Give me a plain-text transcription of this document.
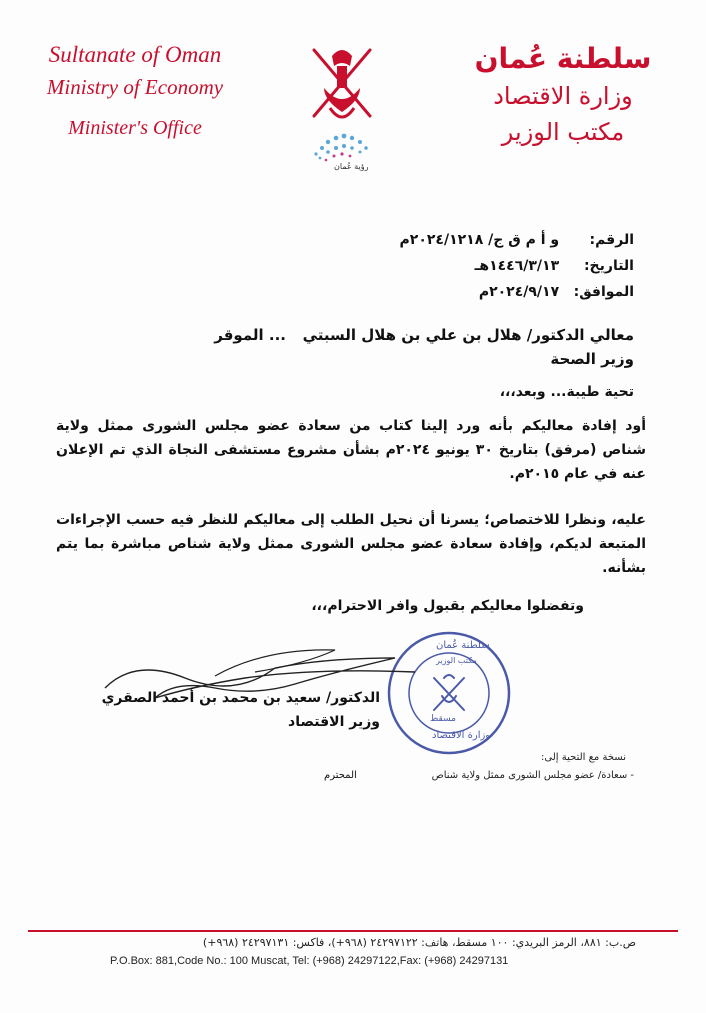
Sultanate of Oman
Ministry of Economy
Minister's Office
رؤية عُمان
سلطنة عُمان
وزارة الاقتصاد
مكتب الوزير
الرقم: و أ م ق ج/ ٢٠٢٤/١٢١٨م
التاريخ: ١٤٤٦/٣/١٣هـ
الموافق: ٢٠٢٤/٩/١٧م
معالي الدكتور/ هلال بن علي بن هلال السبتي
... الموقر
وزير الصحة
تحية طيبة... وبعد،،،
أود إفادة معاليكم بأنه ورد إلينا كتاب من سعادة عضو مجلس الشورى ممثل ولاية شناص (مرفق) بتاريخ ٣٠ يونيو ٢٠٢٤م بشأن مشروع مستشفى النجاة الذي تم الإعلان عنه في عام ٢٠١٥م.
عليه، ونظرا للاختصاص؛ يسرنا أن نحيل الطلب إلى معاليكم للنظر فيه حسب الإجراءات المتبعة لديكم، وإفادة سعادة عضو مجلس الشورى ممثل ولاية شناص مباشرة بما يتم بشأنه.
وتفضلوا معاليكم بقبول وافر الاحترام،،،
سلطنة عُمان
مكتب الوزير
مسقط
وزارة الاقتصاد
الدكتور/ سعيد بن محمد بن أحمد الصقري
وزير الاقتصاد
نسخة مع التحية إلى:
- سعادة/ عضو مجلس الشورى ممثل ولاية شناص
المحترم
ص.ب: ٨٨١، الرمز البريدي: ١٠٠ مسقط، هاتف: ٢٤٢٩٧١٢٢ (٩٦٨+)، فاكس: ٢٤٢٩٧١٣١ (٩٦٨+)
P.O.Box: 881,Code No.: 100 Muscat, Tel: (+968) 24297122,Fax: (+968) 24297131
